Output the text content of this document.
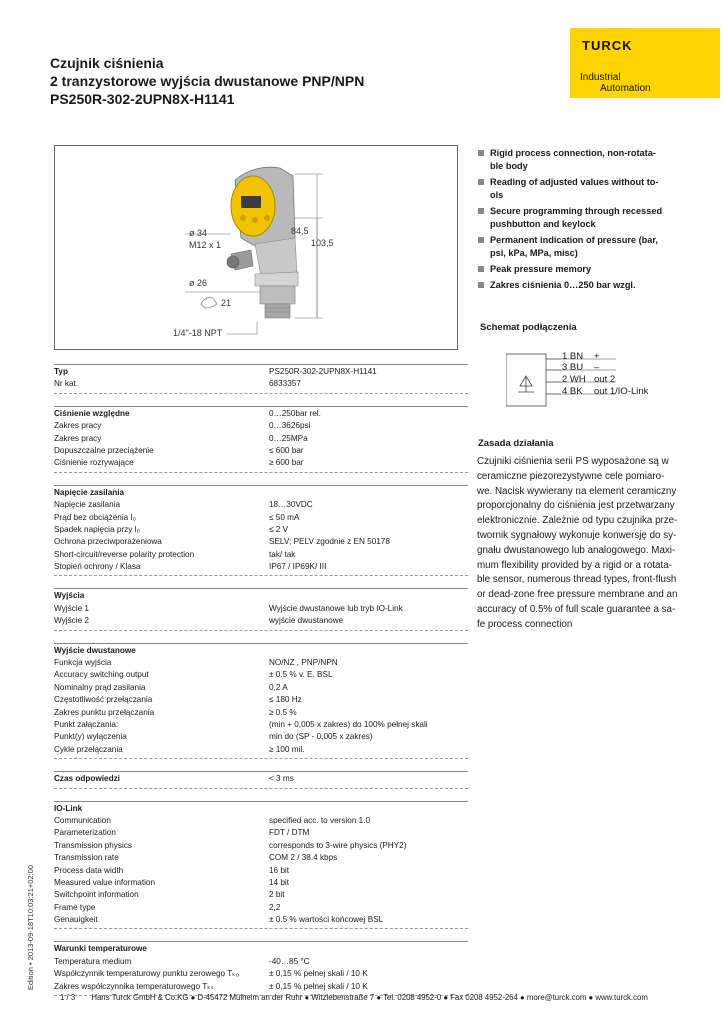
Czujnik ciśnienia
2 tranzystorowe wyjścia dwustanowe PNP/NPN
PS250R-302-2UPN8X-H1141
TURCK
Industrial
Automation
ø 34
M12 x 1
ø 26
21
1/4"-18 NPT
84,5
103,5
Rigid process connection, non-rotata-
ble body
Reading of adjusted values without to-
ols
Secure programming through recessed
pushbutton and keylock
Permanent indication of pressure (bar,
psi, kPa, MPa, misc)
Peak pressure memory
Zakres ciśnienia 0…250 bar wzgl.
Schemat podłączenia
1 BN +
3 BU –
2 WH out 2
4 BK out 1/IO-Link
Zasada działania
Czujniki ciśnienia serii PS wyposażone są w
ceramiczne piezorezystywne cele pomiaro-
we. Nacisk wywierany na element ceramiczny
proporcjonalny do ciśnienia jest przetwarzany
elektronicznie. Zależnie od typu czujnika prze-
twornik sygnałowy wykonuje konwersję do sy-
gnału dwustanowego lub analogowego. Maxi-
mum flexibility provided by a rigid or a rotata-
ble sensor, numerous thread types, front-flush
or dead-zone free pressure membrane and an
accuracy of 0.5% of full scale guarantee a sa-
fe process connection
Typ	PS250R-302-2UPN8X-H1141
Nr kat.	6833357
Ciśnienie względne	0…250bar rel.
Zakres pracy	0…3626psi
Zakres pracy	0…25MPa
Dopuszczalne przeciążenie	≤ 600 bar
Ciśnienie rozrywające	≥ 600 bar
Napięcie zasilania
Napięcie zasilania	18…30VDC
Prąd bez obciążenia I₀	≤ 50 mA
Spadek napięcia przy Iₑ	≤ 2 V
Ochrona przeciwporażeniowa	SELV; PELV zgodnie z EN 50178
Short-circuit/reverse polarity protection	tak/ tak
Stopień ochrony / Klasa	IP67 / IP69K/ III
Wyjścia
Wyjście 1	Wyjście dwustanowe lub tryb IO-Link
Wyjście 2	wyjście dwustanowe
Wyjście dwustanowe
Funkcja wyjścia	NO/NZ , PNP/NPN
Accuracy switching output	± 0.5 % v. E. BSL
Nominalny prąd zasilania	0,2 A
Częstotliwość przełączania	≤ 180 Hz
Zakres punktu przełączania	≥ 0.5 %
Punkt załączania:	(min + 0,005 x zakres) do 100% pełnej skali
Punkt(y) wyłączenia	min do (SP - 0,005 x zakres)
Cykle przełączania	≥ 100 mil.
Czas odpowiedzi	< 3 ms
IO-Link
Communication	specified acc. to version 1.0
Parameterization	FDT / DTM
Transmission physics	corresponds to 3-wire physics (PHY2)
Transmission rate	COM 2 / 38.4 kbps
Process data width	16 bit
Measured value information	14 bit
Switchpoint information	2 bit
Frame type	2,2
Genauigkeit	± 0.5 % wartości końcowej BSL
Warunki temperaturowe
Temperatura medium	-40…85 °C
Współczynnik temperaturowy punktu zerowego Tₖ₀	± 0,15 % pełnej skali / 10 K
Zakres współczynnika temperaturowego Tₖₛ	± 0,15 % pełnej skali / 10 K
Edition • 2013-09-18T10:03:21+02:00
1 / 3 Hans Turck GmbH & Co.KG ● D-45472 Mülheim an der Ruhr ● Witzlebenstraße 7 ● Tel. 0208 4952-0 ● Fax 0208 4952-264 ● more@turck.com ● www.turck.com
